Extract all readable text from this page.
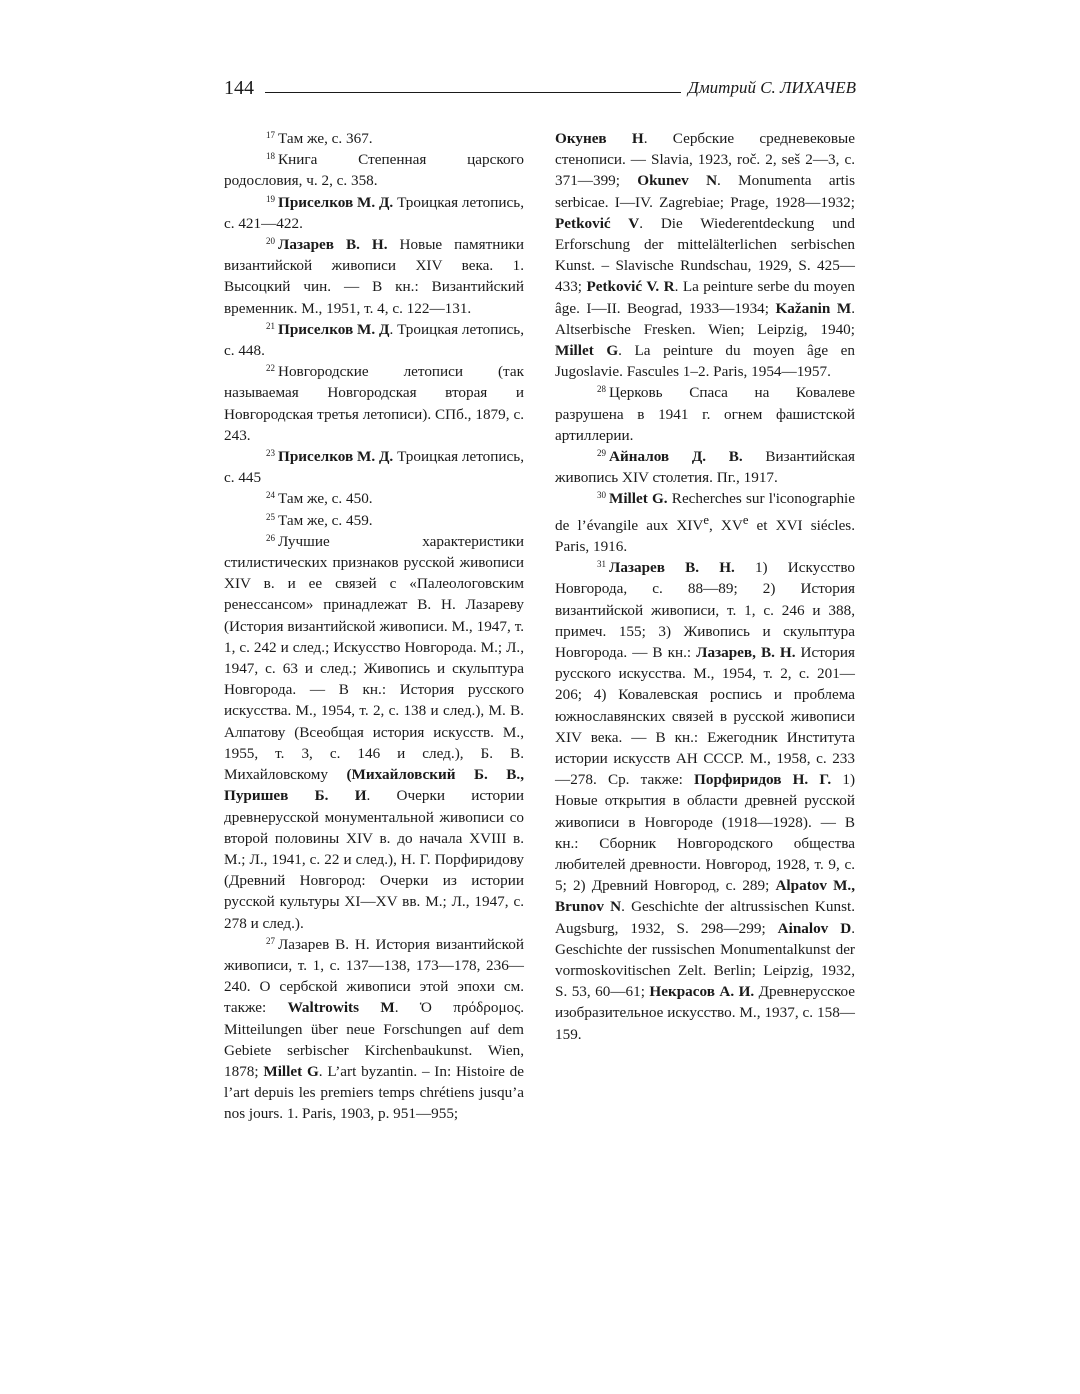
144	Дмитрий С. ЛИХАЧЕВ

$^{17}$ Там же, с. 367.

$^{18}$ Книга Степенная царского родословия, ч. 2, с. 358.

$^{19}$ Приселков М. Д. Троицкая летопись, с. 421—422.

$^{20}$ Лазарев В. Н. Новые памятники византийской живописи XIV века. 1. Высоцкий чин. — В кн.: Византийский временник. М., 1951, т. 4, с. 122—131.

$^{21}$ Приселков М. Д. Троицкая летопись, с. 448.

$^{22}$ Новгородские летописи (так называемая Новгородская вторая и Новгородская третья летописи). СПб., 1879, с. 243.

$^{23}$ Приселков М. Д. Троицкая летопись, с. 445

$^{24}$ Там же, с. 450.

$^{25}$ Там же, с. 459.

$^{26}$ Лучшие характеристики стилистических признаков русской живописи XIV в. и ее связей с «Палеологовским ренессансом» принадлежат В. Н. Лазареву (История византийской живописи. М., 1947, т. 1, с. 242 и след.; Искусство Новгорода. М.; Л., 1947, с. 63 и след.; Живопись и скульптура Новгорода. — В кн.: История русского искусства. М., 1954, т. 2, с. 138 и след.), М. В. Алпатову (Всеобщая история искусств. М., 1955, т. 3, с. 146 и след.), Б. В. Михайловскому (Михайловский Б. В., Пуришев Б. И. Очерки истории древнерусской монументальной живописи со второй половины XIV в. до начала XVIII в. М.; Л., 1941, с. 22 и след.), Н. Г. Порфиридову (Древний Новгород: Очерки из истории русской культуры XI—XV вв. М.; Л., 1947, с. 278 и след.).

$^{27}$ Лазарев В. Н. История византийской живописи, т. 1, с. 137—138, 173—178, 236—240. О сербской живописи этой эпохи см. также: Waltrowits M. Ὁ πρόδρομος. Mitteilungen über neue Forschungen auf dem Gebiete serbischer Kirchenbaukunst. Wien, 1878; Millet G. L’art byzantin. – In: Histoire de l’art depuis les premiers temps chrétiens jusqu’a nos jours. 1. Paris, 1903, p. 951—955;

Окунев Н. Сербские средневековые стенописи. — Slavia, 1923, roč. 2, seš 2—3, c. 371—399; Okunev N. Monumenta artis serbicae. I—IV. Zagrebiae; Prage, 1928—1932; Petković V. Die Wiederentdeckung und Erforschung der mittelälterlichen serbischen Kunst. – Slavische Rundschau, 1929, S. 425—433; Petković V. R. La peinture serbe du moyen âge. I—II. Beograd, 1933—1934; Kažanin M. Altserbische Fresken. Wien; Leipzig, 1940; Millet G. La peinture du moyen âge en Jugoslavie. Fascules 1–2. Paris, 1954—1957.

$^{28}$ Церковь Спаса на Ковалеве разрушена в 1941 г. огнем фашистской артиллерии.

$^{29}$ Айналов Д. В. Византийская живопись XIV столетия. Пг., 1917.

$^{30}$ Millet G. Recherches sur l'iconographie de l’évangile aux XIVe, XVe et XVI siécles. Paris, 1916.

$^{31}$ Лазарев В. Н. 1) Искусство Новгорода, с. 88—89; 2) История византийской живописи, т. 1, с. 246 и 388, примеч. 155; 3) Живопись и скульптура Новгорода. — В кн.: Лазарев, В. Н. История русского искусства. М., 1954, т. 2, с. 201—206; 4) Ковалевская роспись и проблема южнославянских связей в русской живописи XIV века. — В кн.: Ежегодник Института истории искусств АН СССР. М., 1958, с. 233—278. Ср. также: Порфиридов Н. Г. 1) Новые открытия в области древней русской живописи в Новгороде (1918—1928). — В кн.: Сборник Новгородского общества любителей древности. Новгород, 1928, т. 9, с. 5; 2) Древний Новгород, с. 289; Alpatov M., Brunov N. Geschichte der altrussischen Kunst. Augsburg, 1932, S. 298—299; Ainalov D. Geschichte der russischen Monumentalkunst der vormoskovitischen Zelt. Berlin; Leipzig, 1932, S. 53, 60—61; Некрасов А. И. Древнерусское изобразительное искусство. М., 1937, с. 158—159.
